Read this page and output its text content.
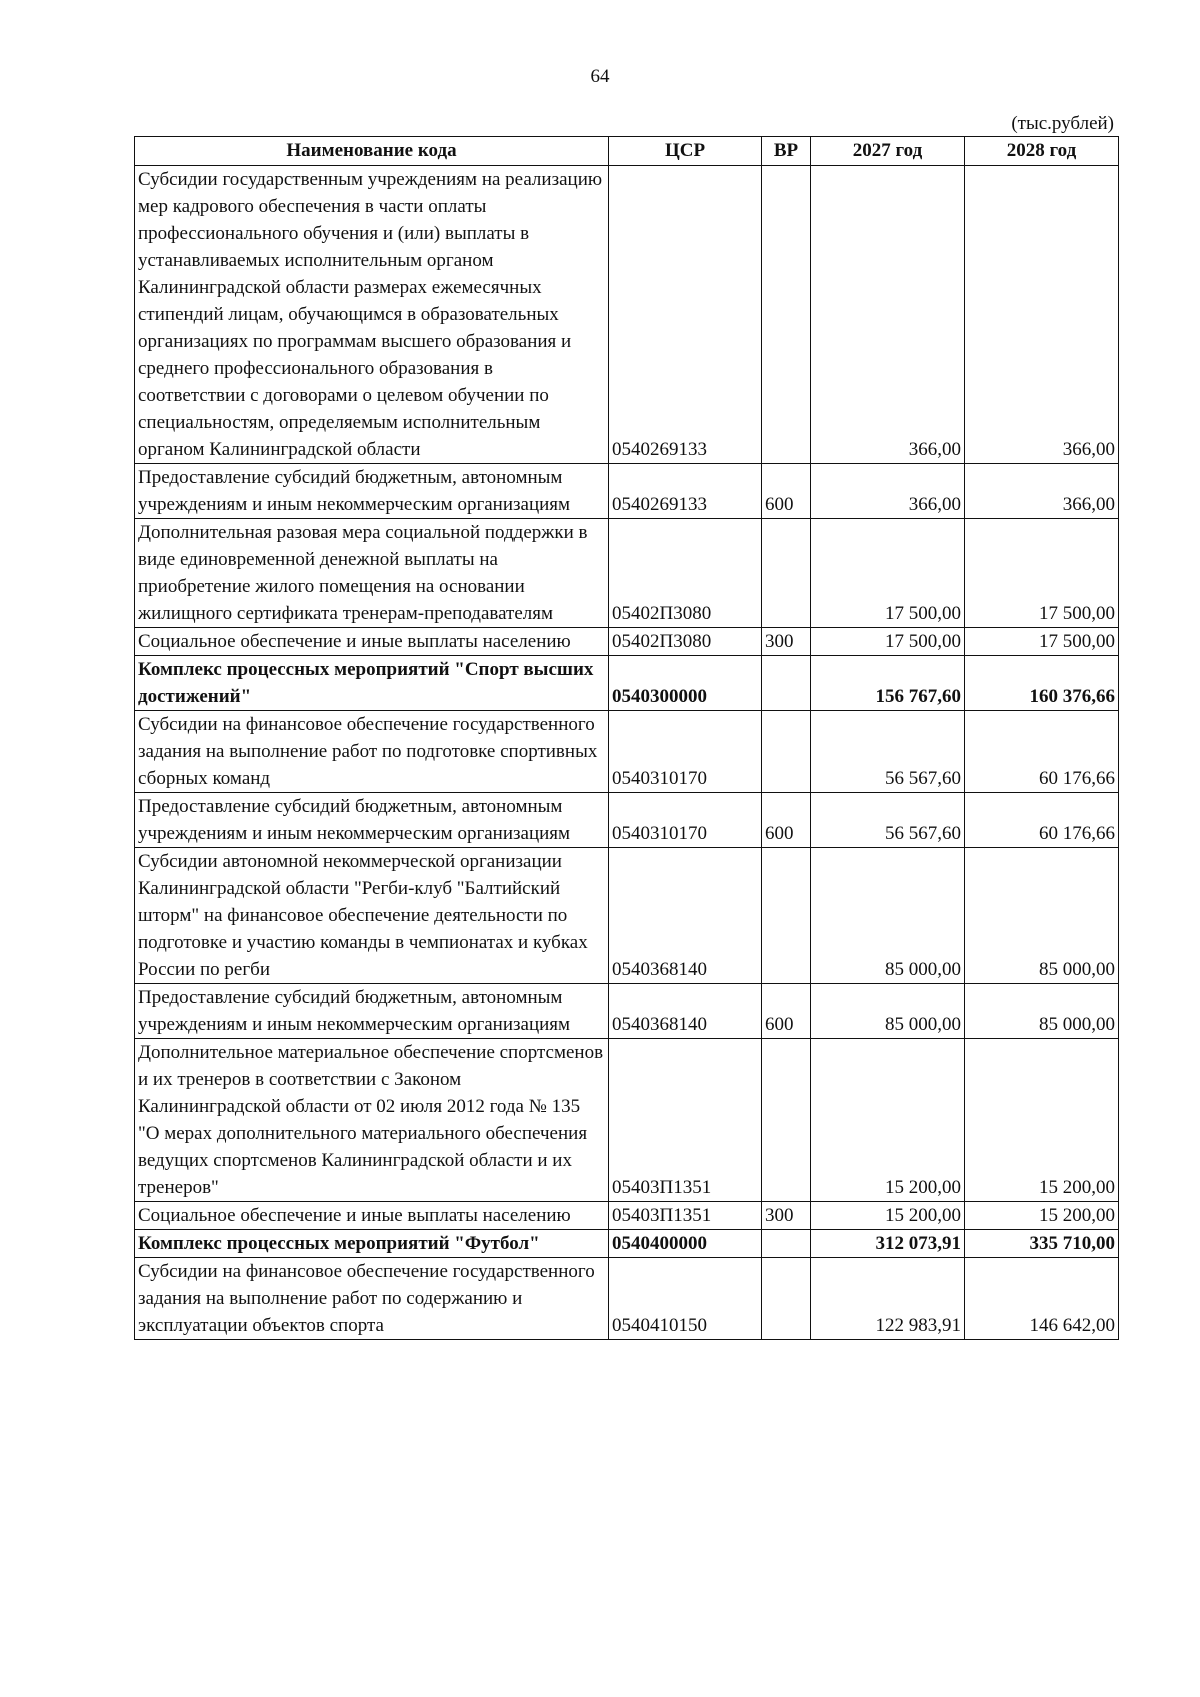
64
(тыс.рублей)
Наименование кода	ЦСР	ВР	2027 год	2028 год
Субсидии государственным учреждениям на реализацию мер кадрового обеспечения в части оплаты профессионального обучения и (или) выплаты в устанавливаемых исполнительным органом Калининградской области размерах ежемесячных стипендий лицам, обучающимся в образовательных организациях по программам высшего образования и среднего профессионального образования в соответствии с договорами о целевом обучении по специальностям, определяемым исполнительным органом Калининградской области	0540269133		366,00	366,00
Предоставление субсидий бюджетным, автономным учреждениям и иным некоммерческим организациям	0540269133	600	366,00	366,00
Дополнительная разовая мера социальной поддержки в виде единовременной денежной выплаты на приобретение жилого помещения на основании жилищного сертификата тренерам-преподавателям	05402П3080		17 500,00	17 500,00
Социальное обеспечение и иные выплаты населению	05402П3080	300	17 500,00	17 500,00
Комплекс процессных мероприятий "Спорт высших достижений"	0540300000		156 767,60	160 376,66
Субсидии на финансовое обеспечение государственного задания на выполнение работ по подготовке спортивных сборных команд	0540310170		56 567,60	60 176,66
Предоставление субсидий бюджетным, автономным учреждениям и иным некоммерческим организациям	0540310170	600	56 567,60	60 176,66
Субсидии автономной некоммерческой организации Калининградской области "Регби-клуб "Балтийский шторм" на финансовое обеспечение деятельности по подготовке и участию команды в чемпионатах и кубках России по регби	0540368140		85 000,00	85 000,00
Предоставление субсидий бюджетным, автономным учреждениям и иным некоммерческим организациям	0540368140	600	85 000,00	85 000,00
Дополнительное материальное обеспечение спортсменов и их тренеров в соответствии с Законом Калининградской области от 02 июля 2012 года № 135 "О мерах дополнительного материального обеспечения ведущих спортсменов Калининградской области и их тренеров"	05403П1351		15 200,00	15 200,00
Социальное обеспечение и иные выплаты населению	05403П1351	300	15 200,00	15 200,00
Комплекс процессных мероприятий "Футбол"	0540400000		312 073,91	335 710,00
Субсидии на финансовое обеспечение государственного задания на выполнение работ по содержанию и эксплуатации объектов спорта	0540410150		122 983,91	146 642,00
